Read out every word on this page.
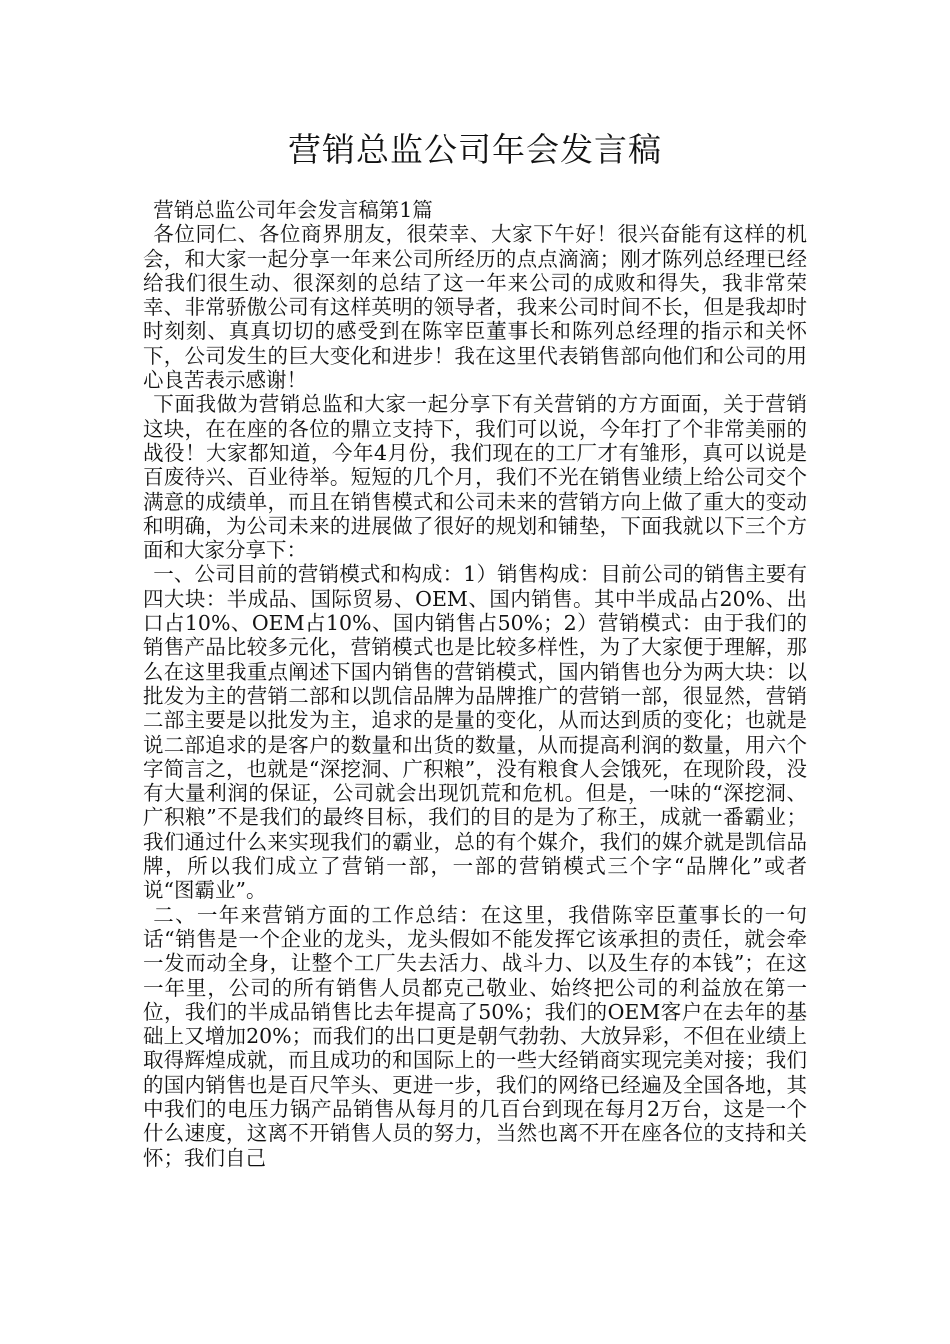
营销总监公司年会发言稿

营销总监公司年会发言稿第1篇

各位同仁、各位商界朋友，很荣幸、大家下午好！很兴奋能有这样的机会，和大家一起分享一年来公司所经历的点点滴滴；刚才陈列总经理已经给我们很生动、很深刻的总结了这一年来公司的成败和得失，我非常荣幸、非常骄傲公司有这样英明的领导者，我来公司时间不长，但是我却时时刻刻、真真切切的感受到在陈宰臣董事长和陈列总经理的指示和关怀下，公司发生的巨大变化和进步！我在这里代表销售部向他们和公司的用心良苦表示感谢！

下面我做为营销总监和大家一起分享下有关营销的方方面面，关于营销这块，在在座的各位的鼎立支持下，我们可以说，今年打了个非常美丽的战役！大家都知道，今年4月份，我们现在的工厂才有雏形，真可以说是百废待兴、百业待举。短短的几个月，我们不光在销售业绩上给公司交个满意的成绩单，而且在销售模式和公司未来的营销方向上做了重大的变动和明确，为公司未来的进展做了很好的规划和铺垫，下面我就以下三个方面和大家分享下：

一、公司目前的营销模式和构成：1）销售构成：目前公司的销售主要有四大块：半成品、国际贸易、OEM、国内销售。其中半成品占20%、出口占10%、OEM占10%、国内销售占50%；2）营销模式：由于我们的销售产品比较多元化，营销模式也是比较多样性，为了大家便于理解，那么在这里我重点阐述下国内销售的营销模式，国内销售也分为两大块：以批发为主的营销二部和以凯信品牌为品牌推广的营销一部，很显然，营销二部主要是以批发为主，追求的是量的变化，从而达到质的变化；也就是说二部追求的是客户的数量和出货的数量，从而提高利润的数量，用六个字简言之，也就是“深挖洞、广积粮”，没有粮食人会饿死，在现阶段，没有大量利润的保证，公司就会出现饥荒和危机。但是，一味的“深挖洞、广积粮”不是我们的最终目标，我们的目的是为了称王，成就一番霸业；我们通过什么来实现我们的霸业，总的有个媒介，我们的媒介就是凯信品牌，所以我们成立了营销一部，一部的营销模式三个字“品牌化”或者说“图霸业”。

二、一年来营销方面的工作总结：在这里，我借陈宰臣董事长的一句话“销售是一个企业的龙头，龙头假如不能发挥它该承担的责任，就会牵一发而动全身，让整个工厂失去活力、战斗力、以及生存的本钱”；在这一年里，公司的所有销售人员都克己敬业、始终把公司的利益放在第一位，我们的半成品销售比去年提高了50%；我们的OEM客户在去年的基础上又增加20%；而我们的出口更是朝气勃勃、大放异彩，不但在业绩上取得辉煌成就，而且成功的和国际上的一些大经销商实现完美对接；我们的国内销售也是百尺竿头、更进一步，我们的网络已经遍及全国各地，其中我们的电压力锅产品销售从每月的几百台到现在每月2万台，这是一个什么速度，这离不开销售人员的努力，当然也离不开在座各位的支持和关怀；我们自己
